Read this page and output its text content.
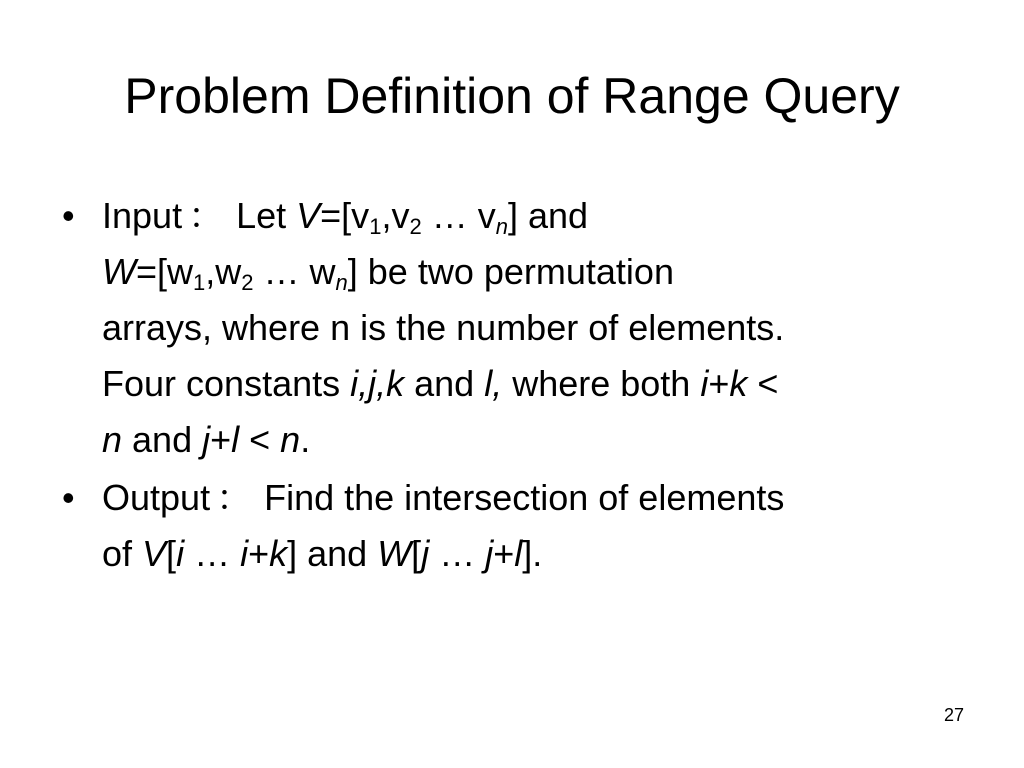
Problem Definition of Range Query
• Input ： Let $V=[v_1,v_2$ … $v_n$] and
$W=[w_1,w_2$ … $w_n$] be two permutation
arrays, where n is the number of elements.
Four constants i,j,k and l, where both i+k <
n and j+l < n.
• Output ： Find the intersection of elements
of V[i … i+k] and W[j … j+l].
27
